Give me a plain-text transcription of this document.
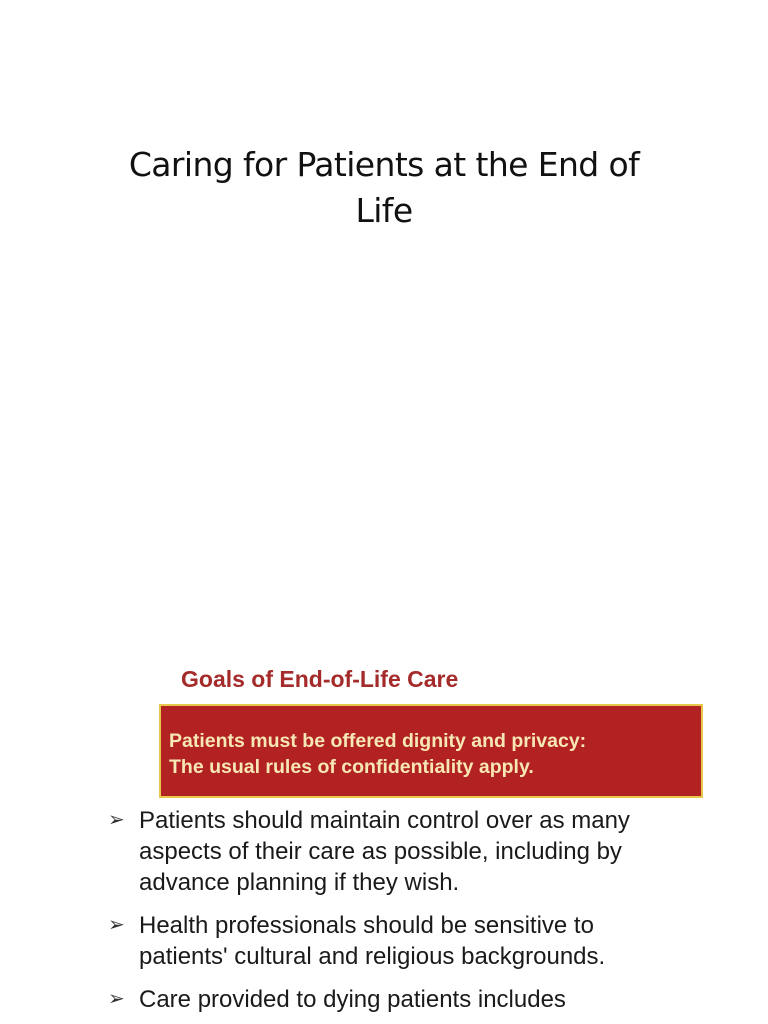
Caring for Patients at the End of
Life
Goals of End-of-Life Care
Patients must be offered dignity and privacy:
The usual rules of confidentiality apply.
➢ Patients should maintain control over as many
aspects of their care as possible, including by
advance planning if they wish.
➢ Health professionals should be sensitive to
patients' cultural and religious backgrounds.
➢ Care provided to dying patients includes
